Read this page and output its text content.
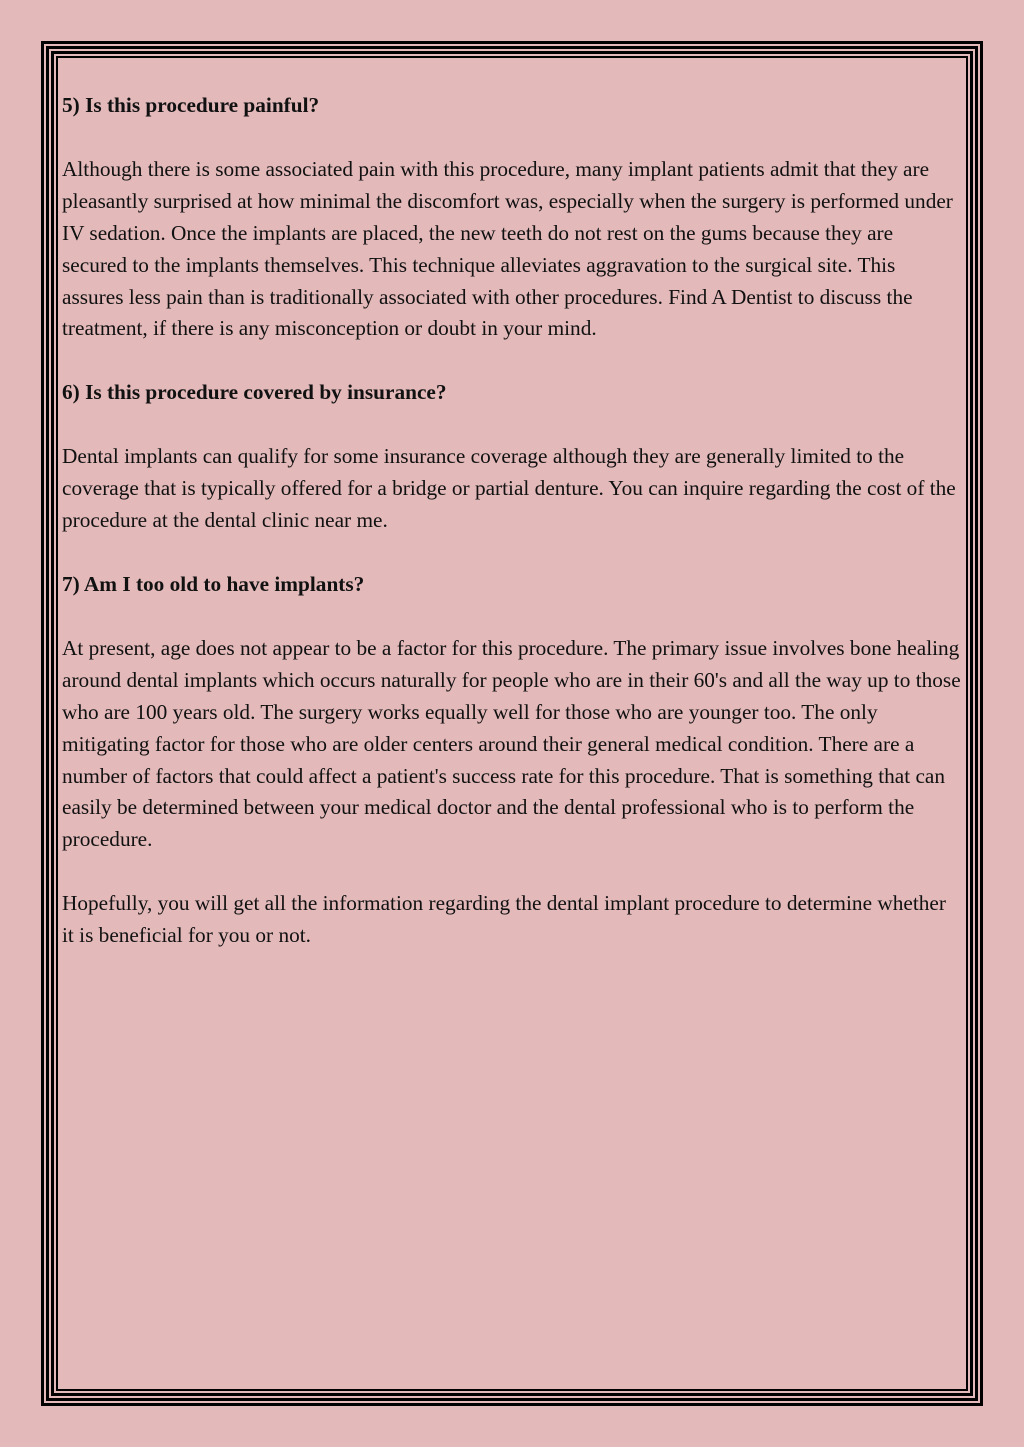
5) Is this procedure painful?

Although there is some associated pain with this procedure, many implant patients admit that they are pleasantly surprised at how minimal the discomfort was, especially when the surgery is performed under IV sedation. Once the implants are placed, the new teeth do not rest on the gums because they are secured to the implants themselves. This technique alleviates aggravation to the surgical site. This assures less pain than is traditionally associated with other procedures. Find A Dentist to discuss the treatment, if there is any misconception or doubt in your mind.

6) Is this procedure covered by insurance?

Dental implants can qualify for some insurance coverage although they are generally limited to the coverage that is typically offered for a bridge or partial denture. You can inquire regarding the cost of the procedure at the dental clinic near me.

7) Am I too old to have implants?

At present, age does not appear to be a factor for this procedure. The primary issue involves bone healing around dental implants which occurs naturally for people who are in their 60's and all the way up to those who are 100 years old. The surgery works equally well for those who are younger too. The only mitigating factor for those who are older centers around their general medical condition. There are a number of factors that could affect a patient's success rate for this procedure. That is something that can easily be determined between your medical doctor and the dental professional who is to perform the procedure.

Hopefully, you will get all the information regarding the dental implant procedure to determine whether it is beneficial for you or not.
